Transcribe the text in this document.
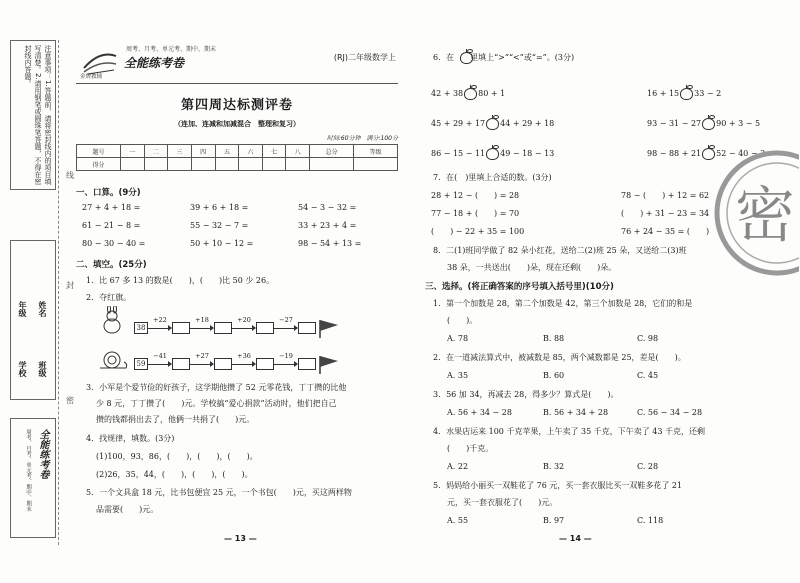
注意事项：1.答题前，请将密封线内的项目填写清楚。2.请用钢笔或圆珠笔答题，不得在密封线内答题。
学校
年级
班级
姓名
全能练考卷
周考、月考、单元考、期中、期末
线
封
密
金牌教辅
周考、月考、单元考、期中、期末
全能练考卷	(RJ)二年级数学上
第四周达标测评卷
（连加、连减和加减混合　整理和复习）
时间:60分钟　满分:100分
题号	一	二	三	四	五	六	七	八	总分	等级
得分										
一、口算。(9分)
27 + 4 + 18 =	39 + 6 + 18 =	54 − 3 − 32 =
61 − 21 − 8 =	55 − 32 − 7 =	33 + 23 + 4 =
80 − 30 − 40 =	50 + 10 − 12 =	98 − 54 + 13 =
二、填空。(25分)
1．比 67 多 13 的数是(　　)，(　　)比 50 少 26。
2．夺红旗。
38
+22	+18	+20	−27
59
−41	+27	+36	−19
3．小军是个爱节俭的好孩子，这学期他攒了 52 元零花钱，丁丁攒的比他
少 8 元，丁丁攒了(　　)元。学校搞“爱心捐款”活动时，他们把自己
攒的钱都捐出去了，他俩一共捐了(　　)元。
4．找规律，填数。(3分)
(1)100，93，86，(　　)，(　　)，(　　)。
(2)26，35，44，(　　)，(　　)，(　　)。
5．一个文具盒 18 元，比书包便宜 25 元，一个书包(　　)元，买这两样物
品需要(　　)元。
— 13 —
6．在　　里填上“>”“<”或“=”。(3分)
42 + 38 80 + 1	16 + 15 33 − 2
45 + 29 + 17 44 + 29 + 18	93 − 31 − 27 90 + 3 − 5
86 − 15 − 11 49 − 18 − 13	98 − 88 + 21 52 − 40 − 3
7．在(　)里填上合适的数。(3分)
28 + 12 − (　　) = 28	78 − (　　) + 12 = 62
77 − 18 + (　　) = 70	(　　) + 31 − 23 = 34
(　　) − 22 + 35 = 100	76 + 24 − 35 = (　　)
8．二(1)班同学做了 82 朵小红花，送给二(2)班 25 朵，又送给二(3)班
38 朵，一共送出(　　)朵，现在还剩(　　)朵。
三、选择。(将正确答案的序号填入括号里)(10分)
1．第一个加数是 28，第二个加数是 42，第三个加数是 28，它们的和是
(　　)。
A. 78	B. 88	C. 98
2．在一道减法算式中，被减数是 85，两个减数都是 25，差是(　　)。
A. 35	B. 60	C. 45
3．56 加 34，再减去 28，得多少？算式是(　　)。
A. 56 + 34 − 28	B. 56 + 34 + 28	C. 56 − 34 − 28
4．水果店运来 100 千克苹果，上午卖了 35 千克，下午卖了 43 千克，还剩
(　　)千克。
A. 22	B. 32	C. 28
5．妈妈给小丽买一双鞋花了 76 元，买一套衣服比买一双鞋多花了 21
元，买一套衣服花了(　　)元。
A. 55	B. 97	C. 118
— 14 —
密
